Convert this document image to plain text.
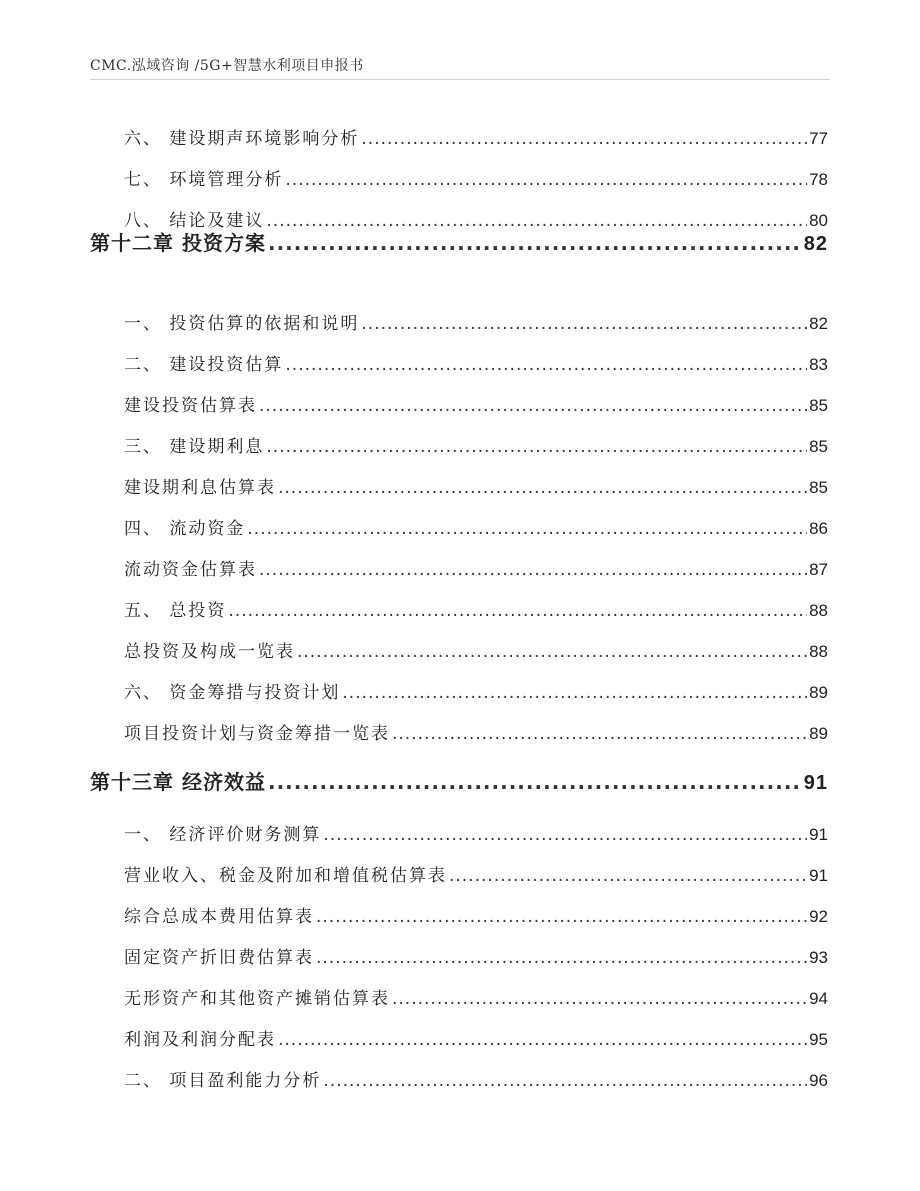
CMC.泓域咨询 /5G+智慧水利项目申报书
六、 建设期声环境影响分析 .....	77
七、 环境管理分析 .....	78
八、 结论及建议 .....	80
第十二章 投资方案 .....	82
一、 投资估算的依据和说明 .....	82
二、 建设投资估算 .....	83
建设投资估算表 .....	85
三、 建设期利息 .....	85
建设期利息估算表 .....	85
四、 流动资金 .....	86
流动资金估算表 .....	87
五、 总投资 .....	88
总投资及构成一览表 .....	88
六、 资金筹措与投资计划 .....	89
项目投资计划与资金筹措一览表 .....	89
第十三章 经济效益 .....	91
一、 经济评价财务测算 .....	91
营业收入、税金及附加和增值税估算表 .....	91
综合总成本费用估算表 .....	92
固定资产折旧费估算表 .....	93
无形资产和其他资产摊销估算表 .....	94
利润及利润分配表 .....	95
二、 项目盈利能力分析 .....	96
